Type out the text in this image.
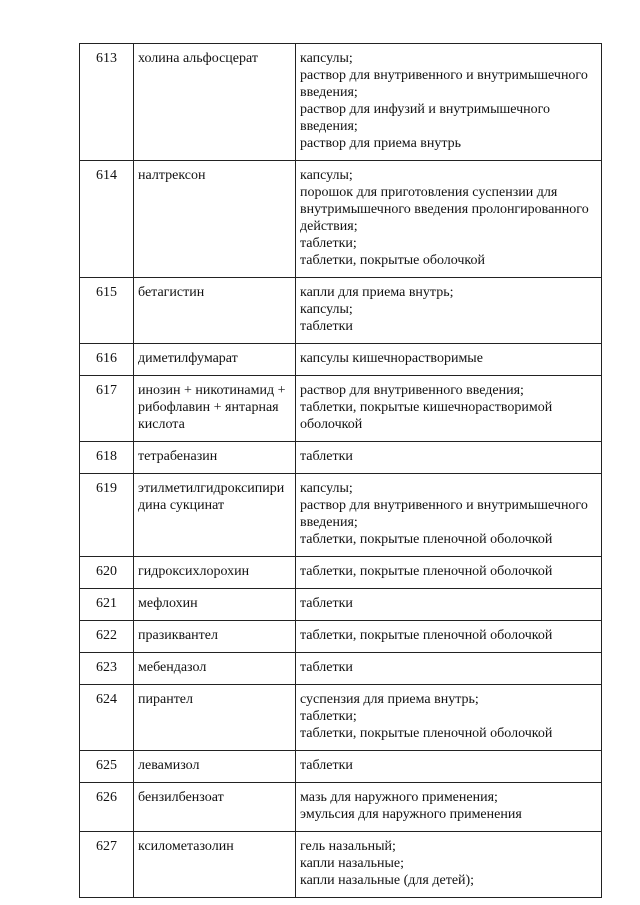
613	холина альфосцерат	капсулы;
раствор для внутривенного и внутримышечного введения;
раствор для инфузий и внутримышечного введения;
раствор для приема внутрь

614	налтрексон	капсулы;
порошок для приготовления суспензии для внутримышечного введения пролонгированного действия;
таблетки;
таблетки, покрытые оболочкой

615	бетагистин	капли для приема внутрь;
капсулы;
таблетки

616	диметилфумарат	капсулы кишечнорастворимые

617	инозин + никотинамид + рибофлавин + янтарная кислота	раствор для внутривенного введения;
таблетки, покрытые кишечнорастворимой оболочкой

618	тетрабеназин	таблетки

619	этилметилгидроксипиридина сукцинат	капсулы;
раствор для внутривенного и внутримышечного введения;
таблетки, покрытые пленочной оболочкой

620	гидроксихлорохин	таблетки, покрытые пленочной оболочкой

621	мефлохин	таблетки

622	празиквантел	таблетки, покрытые пленочной оболочкой

623	мебендазол	таблетки

624	пирантел	суспензия для приема внутрь;
таблетки;
таблетки, покрытые пленочной оболочкой

625	левамизол	таблетки

626	бензилбензоат	мазь для наружного применения;
эмульсия для наружного применения

627	ксилометазолин	гель назальный;
капли назальные;
капли назальные (для детей);
